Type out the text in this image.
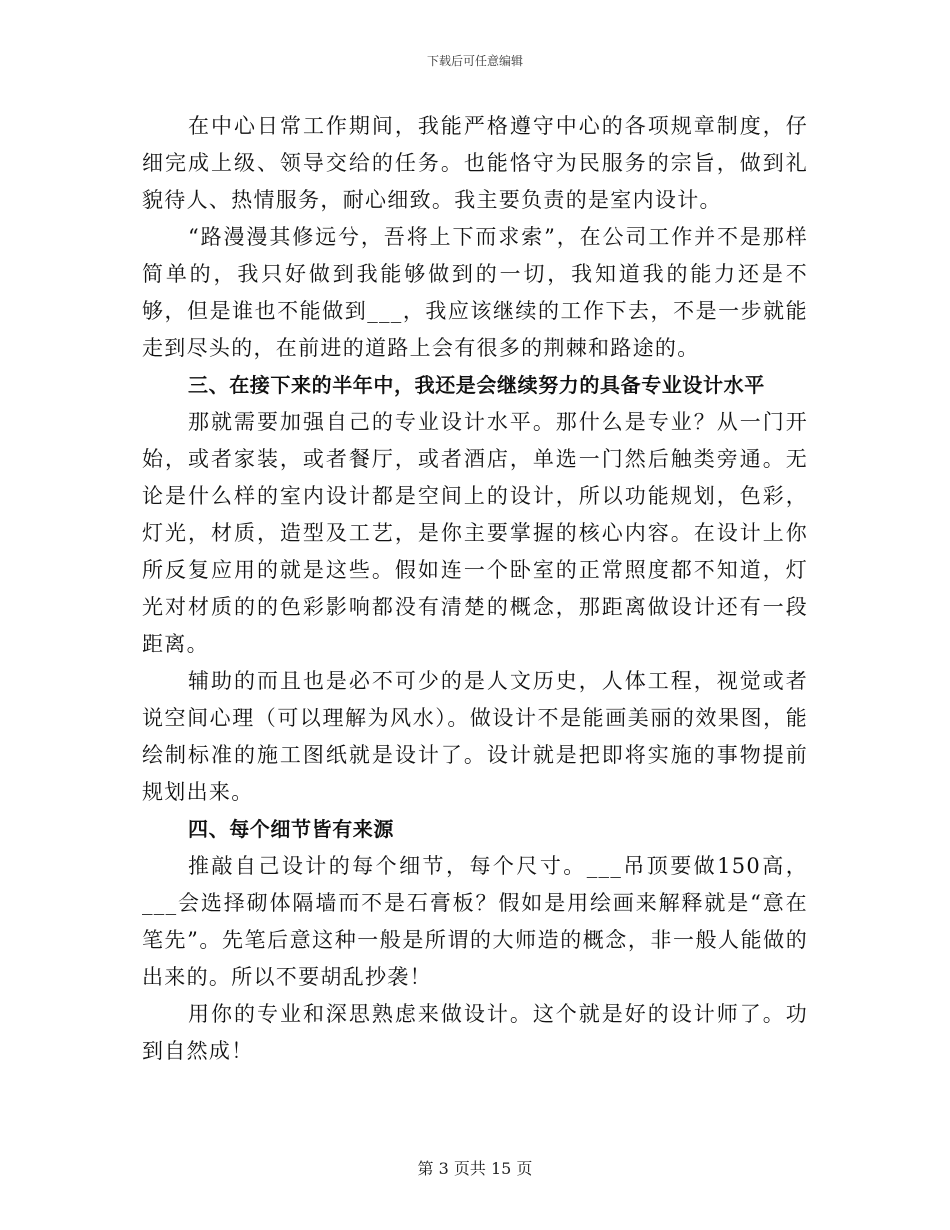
下载后可任意编辑

在中心日常工作期间，我能严格遵守中心的各项规章制度，仔细完成上级、领导交给的任务。也能恪守为民服务的宗旨，做到礼貌待人、热情服务，耐心细致。我主要负责的是室内设计。

“路漫漫其修远兮，吾将上下而求索”，在公司工作并不是那样简单的，我只好做到我能够做到的一切，我知道我的能力还是不够，但是谁也不能做到___，我应该继续的工作下去，不是一步就能走到尽头的，在前进的道路上会有很多的荆棘和路途的。

三、在接下来的半年中，我还是会继续努力的具备专业设计水平

那就需要加强自己的专业设计水平。那什么是专业？从一门开始，或者家装，或者餐厅，或者酒店，单选一门然后触类旁通。无论是什么样的室内设计都是空间上的设计，所以功能规划，色彩，灯光，材质，造型及工艺，是你主要掌握的核心内容。在设计上你所反复应用的就是这些。假如连一个卧室的正常照度都不知道，灯光对材质的的色彩影响都没有清楚的概念，那距离做设计还有一段距离。

辅助的而且也是必不可少的是人文历史，人体工程，视觉或者说空间心理（可以理解为风水）。做设计不是能画美丽的效果图，能绘制标准的施工图纸就是设计了。设计就是把即将实施的事物提前规划出来。

四、每个细节皆有来源

推敲自己设计的每个细节，每个尺寸。___吊顶要做150高，___会选择砌体隔墙而不是石膏板？假如是用绘画来解释就是“意在笔先”。先笔后意这种一般是所谓的大师造的概念，非一般人能做的出来的。所以不要胡乱抄袭！

用你的专业和深思熟虑来做设计。这个就是好的设计师了。功到自然成！

第 3 页共 15 页
